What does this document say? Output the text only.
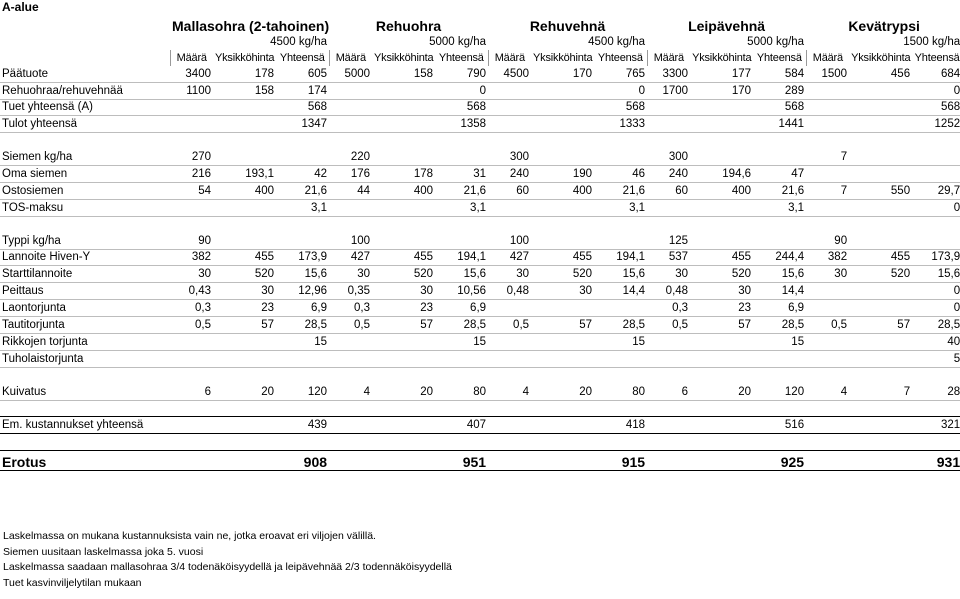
A-alue
	Mallasohra (2-tahoinen)			Rehuohra			Rehuvehnä			Leipävehnä			Kevätrypsi		
	4500 kg/ha			5000 kg/ha			4500 kg/ha			5000 kg/ha			1500 kg/ha		
	Määrä	Yksikköhinta	Yhteensä	Määrä	Yksikköhinta	Yhteensä	Määrä	Yksikköhinta	Yhteensä	Määrä	Yksikköhinta	Yhteensä	Määrä	Yksikköhinta	Yhteensä
Päätuote	3400	178	605	5000	158	790	4500	170	765	3300	177	584	1500	456	684
Rehuohraa/rehuvehnää	1100	158	174			0			0	1700	170	289			0
Tuet yhteensä (A)			568			568			568			568			568
Tulot yhteensä			1347			1358			1333			1441			1252

Siemen kg/ha	270			220			300			300			7		
Oma siemen	216	193,1	42	176	178	31	240	190	46	240	194,6	47			
Ostosiemen	54	400	21,6	44	400	21,6	60	400	21,6	60	400	21,6	7	550	29,7
TOS-maksu			3,1			3,1			3,1			3,1			0

Typpi kg/ha	90			100			100			125			90		
Lannoite Hiven-Y	382	455	173,9	427	455	194,1	427	455	194,1	537	455	244,4	382	455	173,9
Starttilannoite	30	520	15,6	30	520	15,6	30	520	15,6	30	520	15,6	30	520	15,6
Peittaus	0,43	30	12,96	0,35	30	10,56	0,48	30	14,4	0,48	30	14,4			0
Laontorjunta	0,3	23	6,9	0,3	23	6,9				0,3	23	6,9			0
Tautitorjunta	0,5	57	28,5	0,5	57	28,5	0,5	57	28,5	0,5	57	28,5	0,5	57	28,5
Rikkojen torjunta			15			15			15			15			40
Tuholaistorjunta															5

Kuivatus	6	20	120	4	20	80	4	20	80	6	20	120	4	7	28

Em. kustannukset yhteensä			439			407			418			516			321

Erotus			908			951			915			925			931
Laskelmassa on mukana kustannuksista vain ne, jotka eroavat eri viljojen välillä.
Siemen uusitaan laskelmassa joka 5. vuosi
Laskelmassa saadaan mallasohraa 3/4 todenäköisyydellä ja leipävehnää 2/3 todennäköisyydellä
Tuet kasvinviljelytilan mukaan
